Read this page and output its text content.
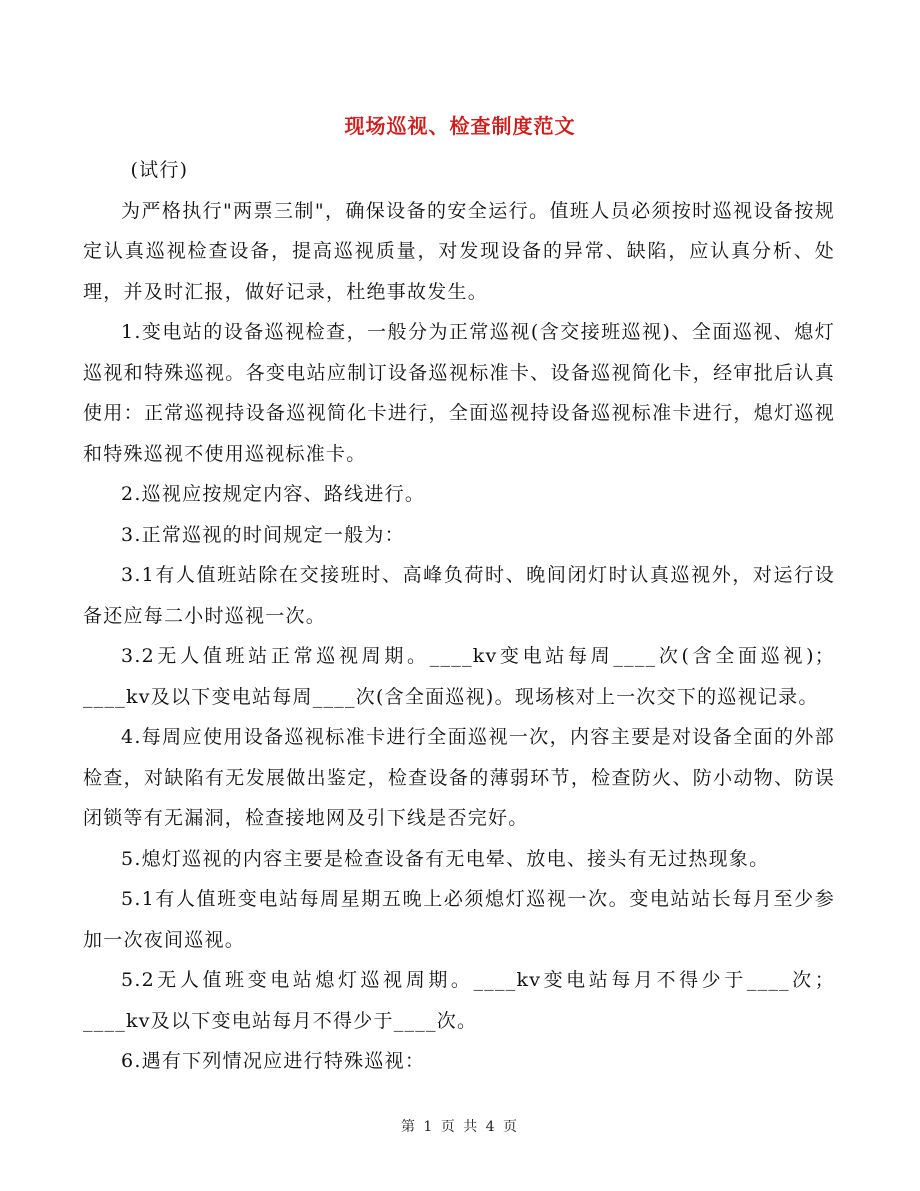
现场巡视、检查制度范文

(试行)

为严格执行"两票三制"，确保设备的安全运行。值班人员必须按时巡视设备按规定认真巡视检查设备，提高巡视质量，对发现设备的异常、缺陷，应认真分析、处理，并及时汇报，做好记录，杜绝事故发生。

1.变电站的设备巡视检查，一般分为正常巡视(含交接班巡视)、全面巡视、熄灯巡视和特殊巡视。各变电站应制订设备巡视标准卡、设备巡视简化卡，经审批后认真使用：正常巡视持设备巡视简化卡进行，全面巡视持设备巡视标准卡进行，熄灯巡视和特殊巡视不使用巡视标准卡。

2.巡视应按规定内容、路线进行。

3.正常巡视的时间规定一般为：

3.1有人值班站除在交接班时、高峰负荷时、晚间闭灯时认真巡视外，对运行设备还应每二小时巡视一次。

3.2无人值班站正常巡视周期。____kv变电站每周____次(含全面巡视)；____kv及以下变电站每周____次(含全面巡视)。现场核对上一次交下的巡视记录。

4.每周应使用设备巡视标准卡进行全面巡视一次，内容主要是对设备全面的外部检查，对缺陷有无发展做出鉴定，检查设备的薄弱环节，检查防火、防小动物、防误闭锁等有无漏洞，检查接地网及引下线是否完好。

5.熄灯巡视的内容主要是检查设备有无电晕、放电、接头有无过热现象。

5.1有人值班变电站每周星期五晚上必须熄灯巡视一次。变电站站长每月至少参加一次夜间巡视。

5.2无人值班变电站熄灯巡视周期。____kv变电站每月不得少于____次；____kv及以下变电站每月不得少于____次。

6.遇有下列情况应进行特殊巡视：

第 1 页 共 4 页
